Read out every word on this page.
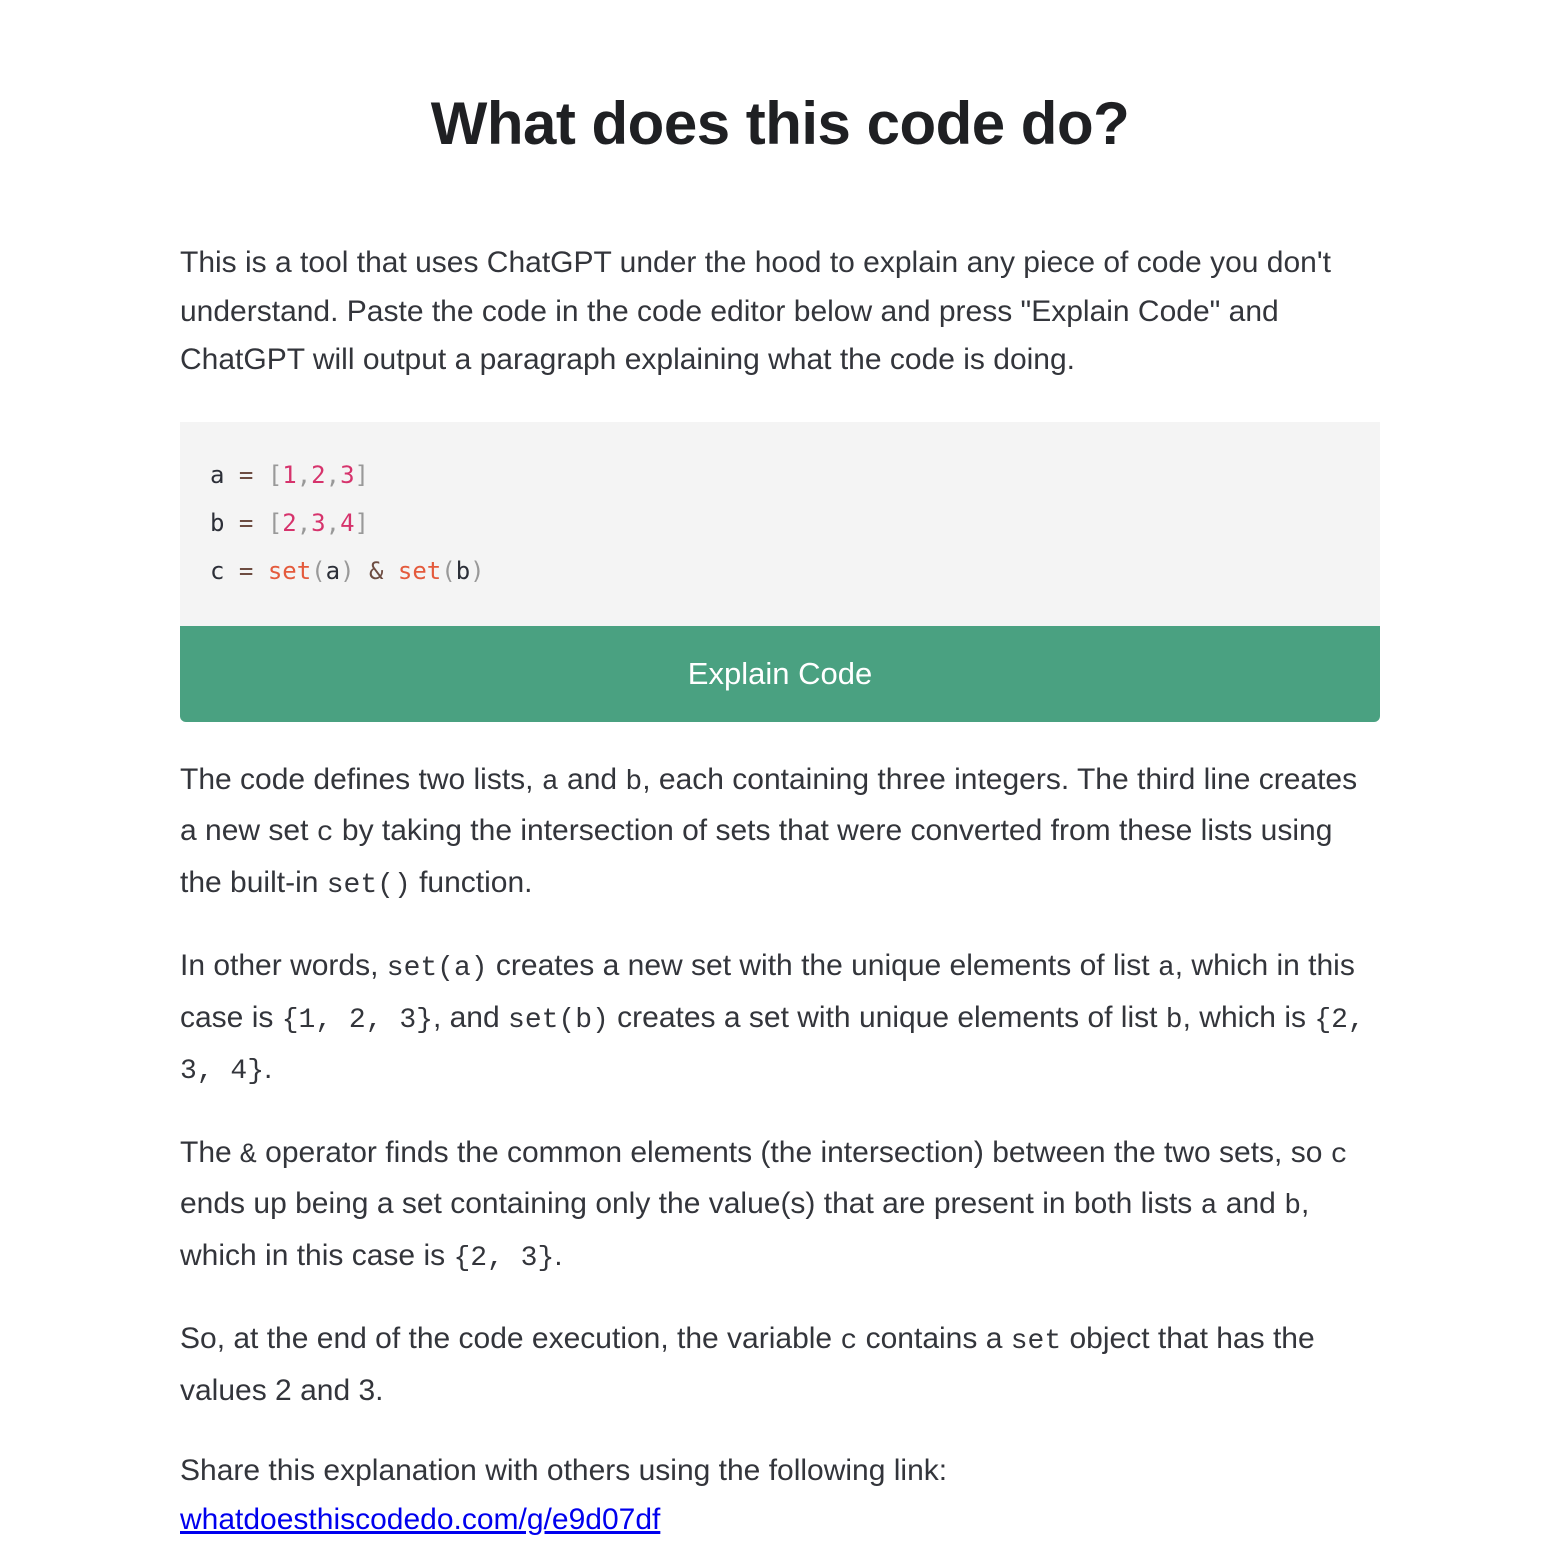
What does this code do?

This is a tool that uses ChatGPT under the hood to explain any piece of code you don't understand. Paste the code in the code editor below and press "Explain Code" and ChatGPT will output a paragraph explaining what the code is doing.

a = [1,2,3]
b = [2,3,4]
c = set(a) & set(b)
Explain Code

The code defines two lists, a and b, each containing three integers. The third line creates a new set c by taking the intersection of sets that were converted from these lists using the built-in set() function.

In other words, set(a) creates a new set with the unique elements of list a, which in this case is {1, 2, 3}, and set(b) creates a set with unique elements of list b, which is {2, 3, 4}.

The & operator finds the common elements (the intersection) between the two sets, so c ends up being a set containing only the value(s) that are present in both lists a and b, which in this case is {2, 3}.

So, at the end of the code execution, the variable c contains a set object that has the values 2 and 3.

Share this explanation with others using the following link:
whatdoesthiscodedo.com/g/e9d07df
